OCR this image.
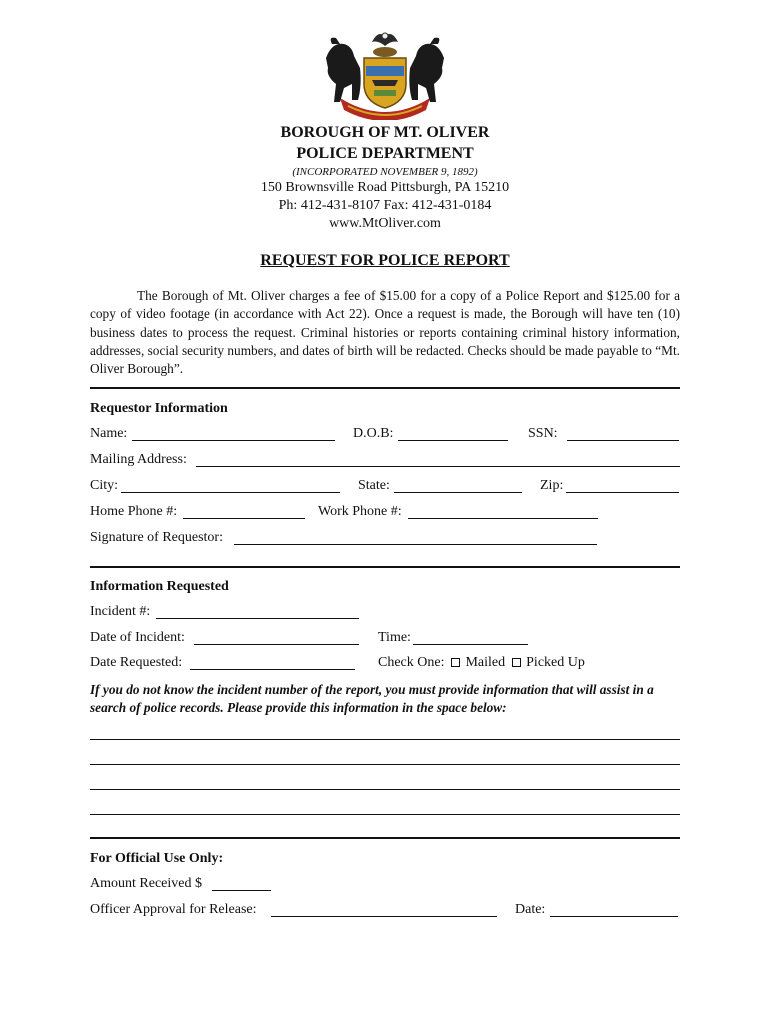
BOROUGH OF MT. OLIVER
POLICE DEPARTMENT
(INCORPORATED NOVEMBER 9, 1892)
150 Brownsville Road Pittsburgh, PA 15210
Ph: 412-431-8107 Fax: 412-431-0184
www.MtOliver.com
REQUEST FOR POLICE REPORT
The Borough of Mt. Oliver charges a fee of $15.00 for a copy of a Police Report and $125.00 for a copy of video footage (in accordance with Act 22). Once a request is made, the Borough will have ten (10) business dates to process the request. Criminal histories or reports containing criminal history information, addresses, social security numbers, and dates of birth will be redacted. Checks should be made payable to “Mt. Oliver Borough”.
Requestor Information
Name:	D.O.B:	SSN:
Mailing Address:
City:	State:	Zip:
Home Phone #:	Work Phone #:
Signature of Requestor:
Information Requested
Incident #:
Date of Incident:	Time:
Date Requested:	Check One: Mailed Picked Up
If you do not know the incident number of the report, you must provide information that will assist in a search of police records. Please provide this information in the space below:
For Official Use Only:
Amount Received $
Officer Approval for Release:	Date:
